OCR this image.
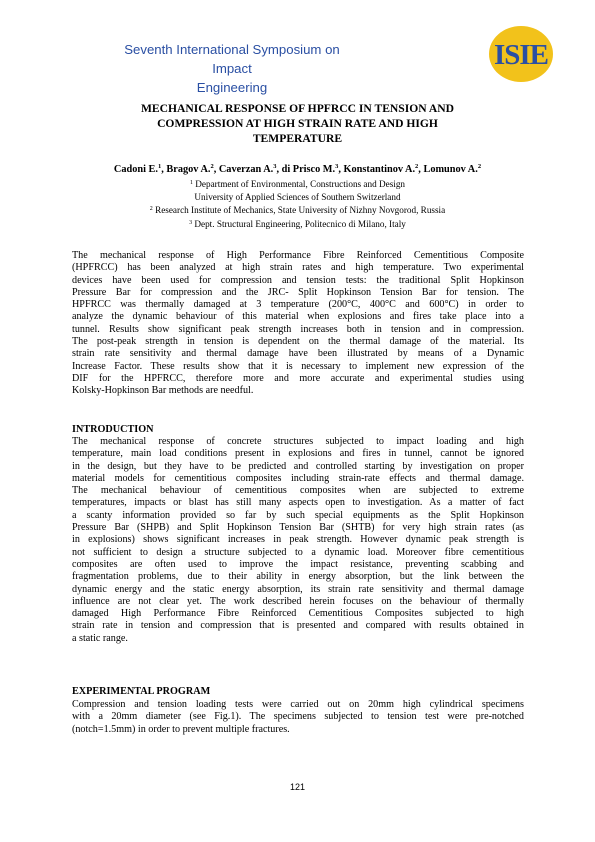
Seventh International Symposium on Impact
Engineering
ISIE
MECHANICAL RESPONSE OF HPFRCC IN TENSION AND
COMPRESSION AT HIGH STRAIN RATE AND HIGH
TEMPERATURE
Cadoni E.$^1$, Bragov A.$^2$, Caverzan A.$^3$, di Prisco M.$^3$, Konstantinov A.$^2$, Lomunov A.$^2$
$^1$ Department of Environmental, Constructions and Design
University of Applied Sciences of Southern Switzerland
$^2$ Research Institute of Mechanics, State University of Nizhny Novgorod, Russia
$^3$ Dept. Structural Engineering, Politecnico di Milano, Italy
The mechanical response of High Performance Fibre Reinforced Cementitious Composite
(HPFRCC) has been analyzed at high strain rates and high temperature. Two experimental
devices have been used for compression and tension tests: the traditional Split Hopkinson
Pressure Bar for compression and the JRC- Split Hopkinson Tension Bar for tension. The
HPFRCC was thermally damaged at 3 temperature (200°C, 400°C and 600°C) in order to
analyze the dynamic behaviour of this material when explosions and fires take place into a
tunnel. Results show significant peak strength increases both in tension and in compression.
The post-peak strength in tension is dependent on the thermal damage of the material. Its
strain rate sensitivity and thermal damage have been illustrated by means of a Dynamic
Increase Factor. These results show that it is necessary to implement new expression of the
DIF for the HPFRCC, therefore more and more accurate and experimental studies using
Kolsky-Hopkinson Bar methods are needful.
INTRODUCTION
The mechanical response of concrete structures subjected to impact loading and high
temperature, main load conditions present in explosions and fires in tunnel, cannot be ignored
in the design, but they have to be predicted and controlled starting by investigation on proper
material models for cementitious composites including strain-rate effects and thermal damage.
The mechanical behaviour of cementitious composites when are subjected to extreme
temperatures, impacts or blast has still many aspects open to investigation. As a matter of fact
a scanty information provided so far by such special equipments as the Split Hopkinson
Pressure Bar (SHPB) and Split Hopkinson Tension Bar (SHTB) for very high strain rates (as
in explosions) shows significant increases in peak strength. However dynamic peak strength is
not sufficient to design a structure subjected to a dynamic load. Moreover fibre cementitious
composites are often used to improve the impact resistance, preventing scabbing and
fragmentation problems, due to their ability in energy absorption, but the link between the
dynamic energy and the static energy absorption, its strain rate sensitivity and thermal damage
influence are not clear yet. The work described herein focuses on the behaviour of thermally
damaged High Performance Fibre Reinforced Cementitious Composites subjected to high
strain rate in tension and compression that is presented and compared with results obtained in
a static range.
EXPERIMENTAL PROGRAM
Compression and tension loading tests were carried out on 20mm high cylindrical specimens
with a 20mm diameter (see Fig.1). The specimens subjected to tension test were pre-notched
(notch=1.5mm) in order to prevent multiple fractures.
121
